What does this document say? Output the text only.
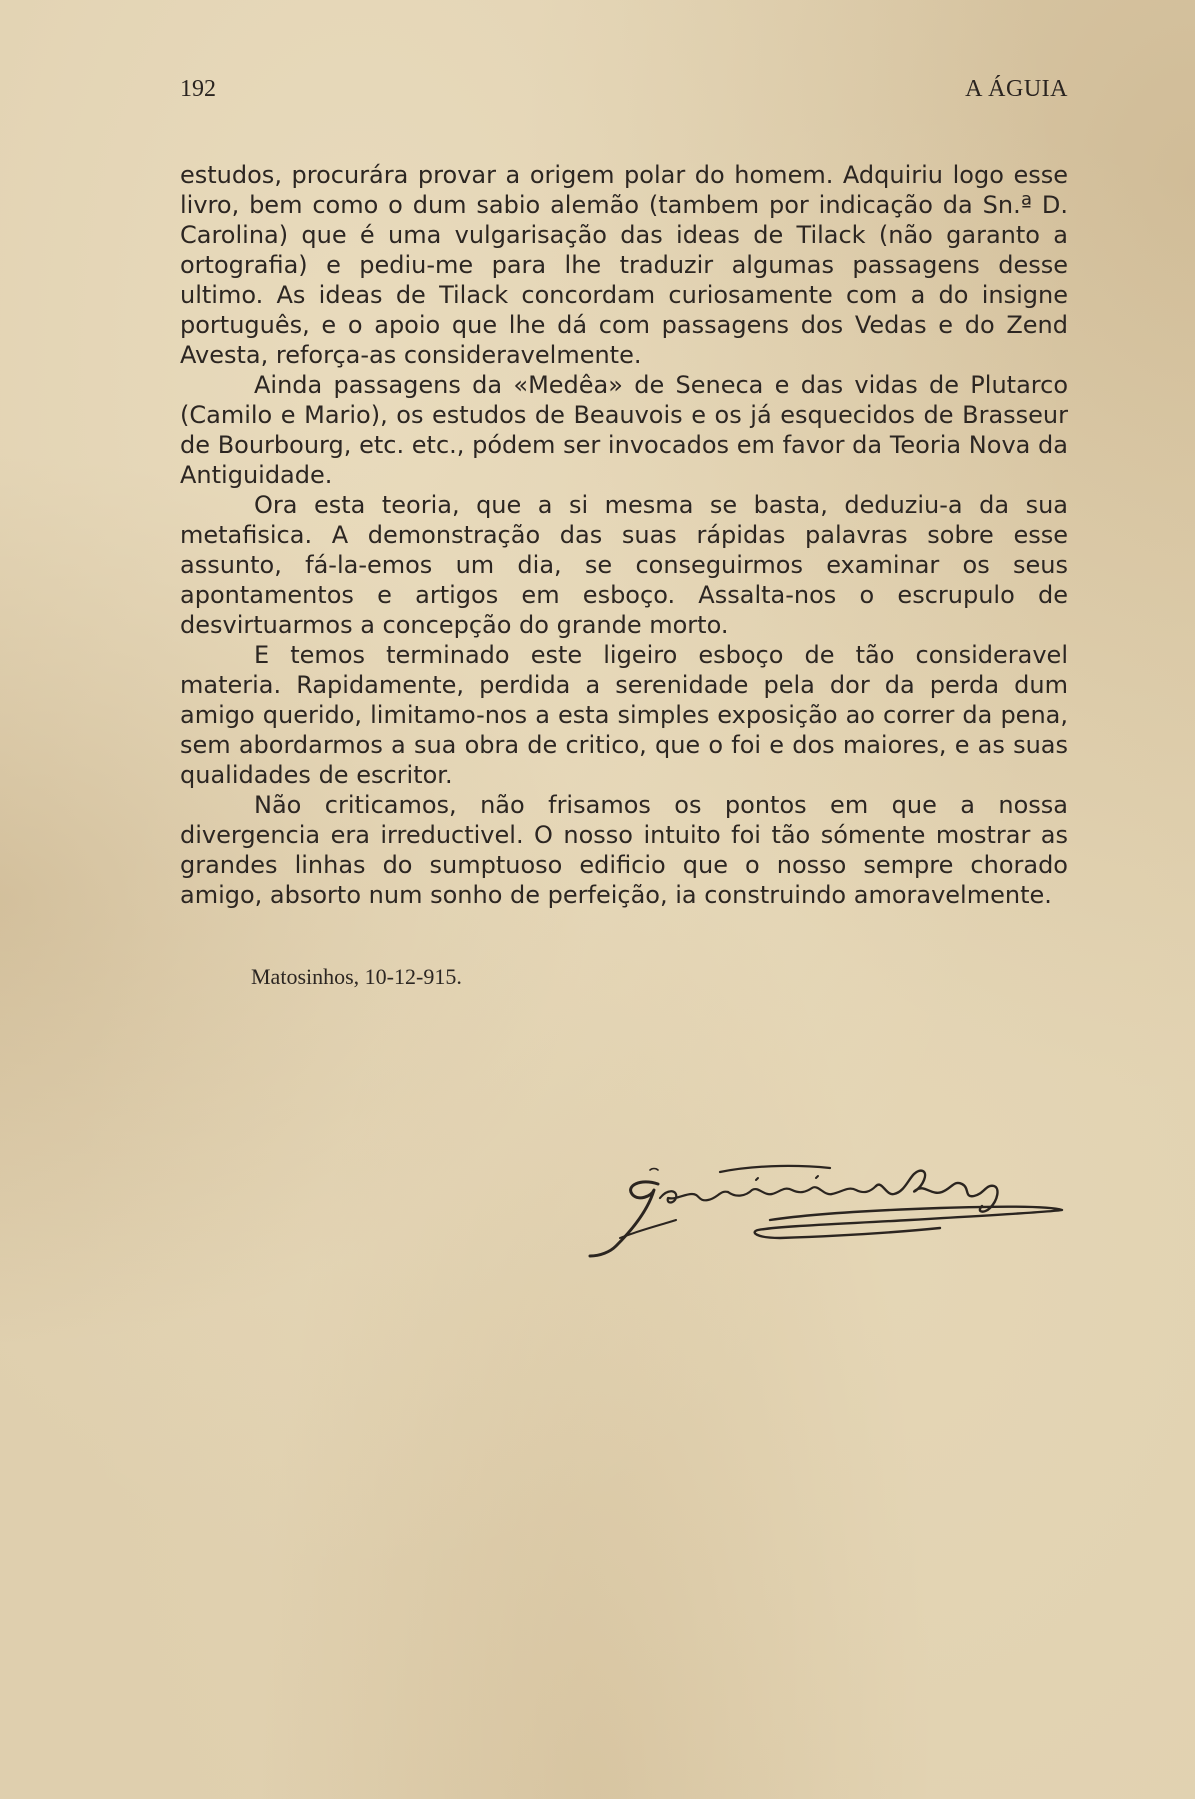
192	A ÁGUIA

estudos, procurára provar a origem polar do homem. Adquiriu logo esse livro, bem como o dum sabio alemão (tambem por indicação da Sn.ª D. Carolina) que é uma vulgarisação das ideas de Tilack (não garanto a ortografia) e pediu-me para lhe traduzir algumas passagens desse ultimo. As ideas de Tilack concordam curiosamente com a do insigne português, e o apoio que lhe dá com passagens dos Vedas e do Zend Avesta, reforça-as consideravelmente.

Ainda passagens da «Medêa» de Seneca e das vidas de Plutarco (Camilo e Mario), os estudos de Beauvois e os já esquecidos de Brasseur de Bourbourg, etc. etc., pódem ser invocados em favor da Teoria Nova da Antiguidade.

Ora esta teoria, que a si mesma se basta, deduziu-a da sua metafisica. A demonstração das suas rápidas palavras sobre esse assunto, fá-la-emos um dia, se conseguirmos examinar os seus apontamentos e artigos em esboço. Assalta-nos o escrupulo de desvirtuarmos a concepção do grande morto.

E temos terminado este ligeiro esboço de tão consideravel materia. Rapidamente, perdida a serenidade pela dor da perda dum amigo querido, limitamo-nos a esta simples exposição ao correr da pena, sem abordarmos a sua obra de critico, que o foi e dos maiores, e as suas qualidades de escritor.

Não criticamos, não frisamos os pontos em que a nossa divergencia era irreductivel. O nosso intuito foi tão sómente mostrar as grandes linhas do sumptuoso edificio que o nosso sempre chorado amigo, absorto num sonho de perfeição, ia construindo amoravelmente.

Matosinhos, 10-12-915.
